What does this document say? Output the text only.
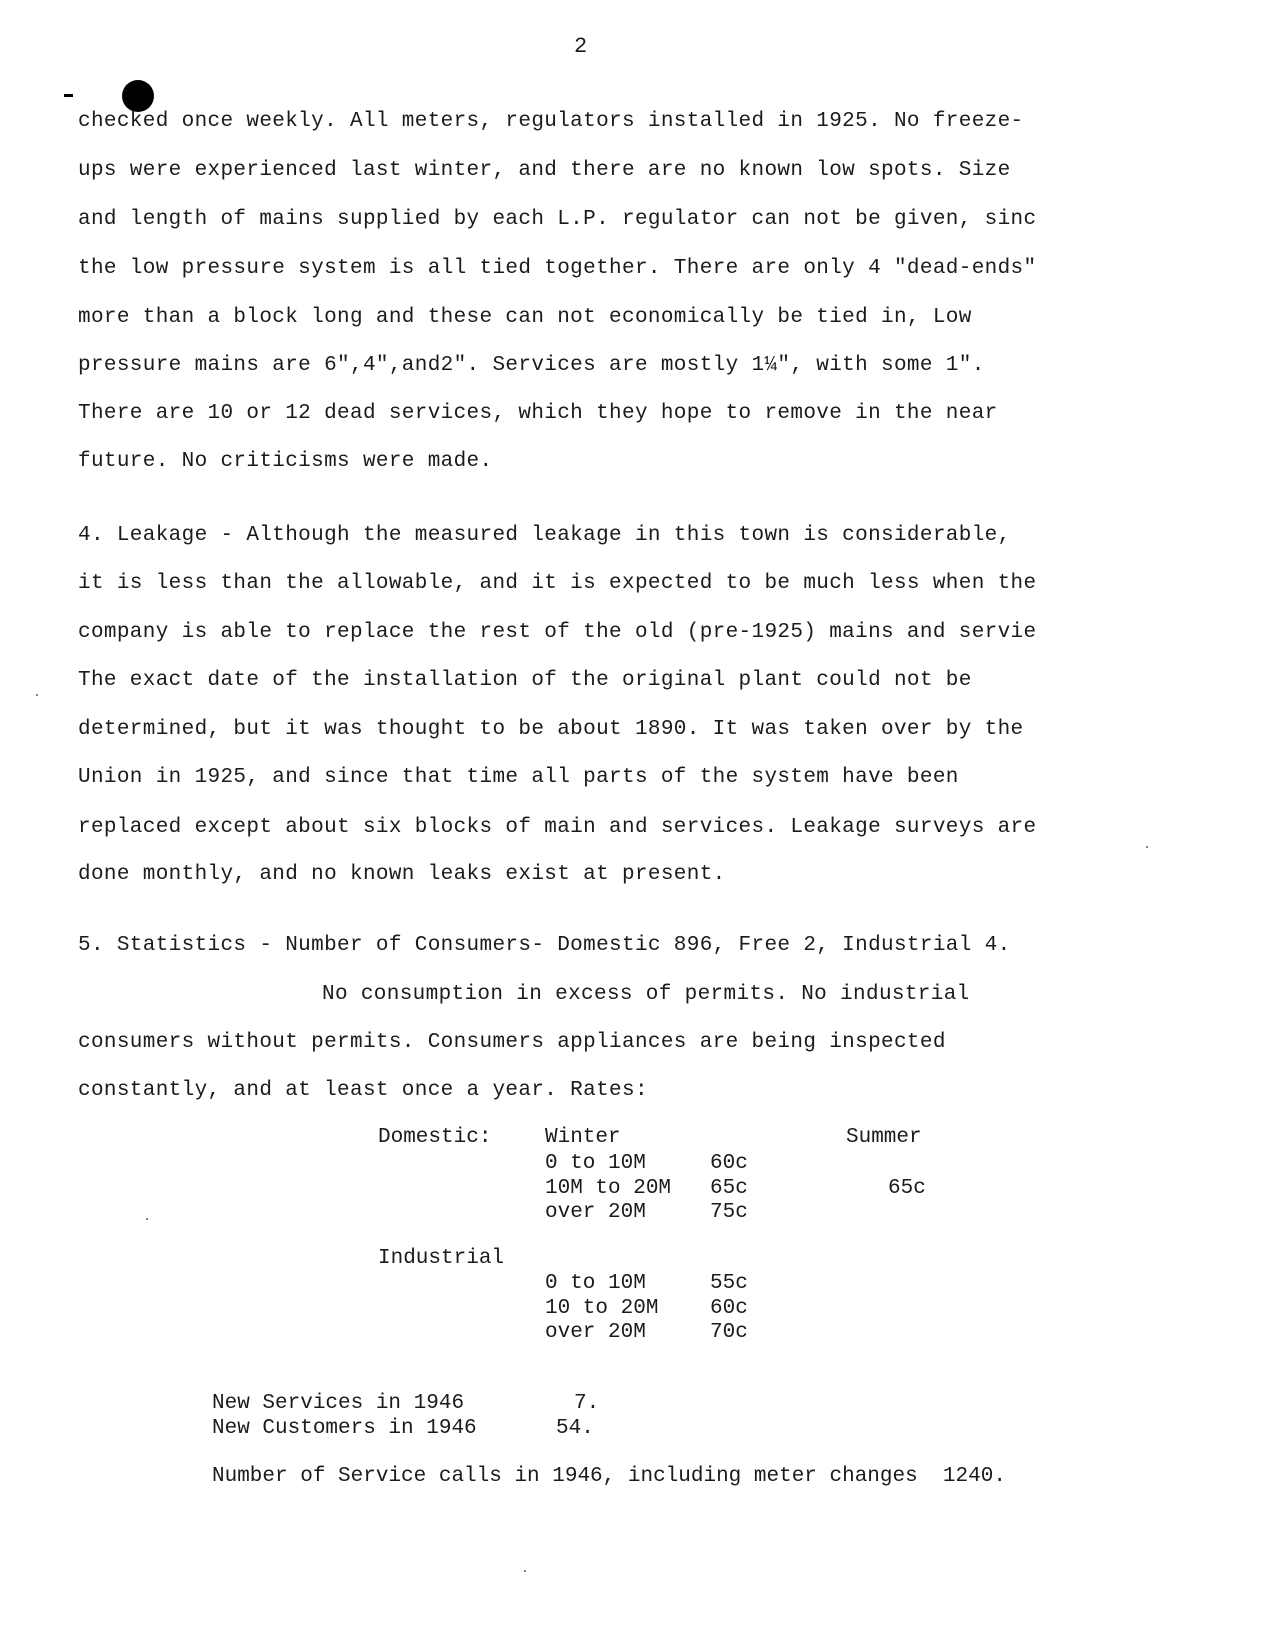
2
checked once weekly. All meters, regulators installed in 1925. No freeze-
ups were experienced last winter, and there are no known low spots. Size
and length of mains supplied by each L.P. regulator can not be given, sinc
the low pressure system is all tied together. There are only 4 "dead-ends"
more than a block long and these can not economically be tied in, Low
pressure mains are 6",4",and2". Services are mostly 1¼", with some 1".
There are 10 or 12 dead services, which they hope to remove in the near
future. No criticisms were made.
4. Leakage - Although the measured leakage in this town is considerable,
it is less than the allowable, and it is expected to be much less when the
company is able to replace the rest of the old (pre-1925) mains and servie
The exact date of the installation of the original plant could not be
determined, but it was thought to be about 1890. It was taken over by the
Union in 1925, and since that time all parts of the system have been
replaced except about six blocks of main and services. Leakage surveys are
done monthly, and no known leaks exist at present.
5. Statistics - Number of Consumers- Domestic 896, Free 2, Industrial 4.
No consumption in excess of permits. No industrial
consumers without permits. Consumers appliances are being inspected
constantly, and at least once a year. Rates:
Domestic:	Winter	Summer
0 to 10M	60c
10M to 20M 65c	65c
over 20M	75c
Industrial
0 to 10M	55c
10 to 20M 60c
over 20M	70c
New Services in 1946	7.
New Customers in 1946	54.
Number of Service calls in 1946, including meter changes  1240.
